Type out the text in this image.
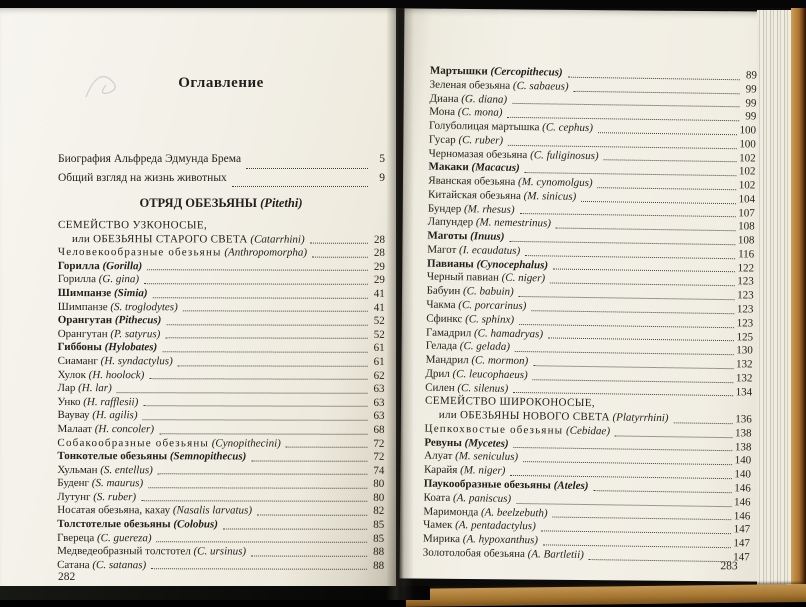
Оглавление
Биография Альфреда Эдмунда Брема	5
Общий взгляд на жизнь животных	9
ОТРЯД ОБЕЗЬЯНЫ (Pitethi)
СЕМЕЙСТВО УЗКОНОСЫЕ,
или ОБЕЗЬЯНЫ СТАРОГО СВЕТА (Catarrhini)	28
Человекообразные обезьяны (Anthropomorpha)	28
Горилла (Gorilla)	29
Горилла (G. gina)	29
Шимпанзе (Simia)	41
Шимпанзе (S. troglodytes)	41
Орангутан (Pithecus)	52
Орангутан (P. satyrus)	52
Гиббоны (Hylobates)	61
Сиаманг (H. syndactylus)	61
Хулок (H. hoolock)	62
Лар (H. lar)	63
Унко (H. rafflesii)	63
Ваувау (H. agilis)	63
Малаат (H. concoler)	68
Собакообразные обезьяны (Cynopithecini)	72
Тонкотелые обезьяны (Semnopithecus)	72
Хульман (S. entellus)	74
Буденг (S. maurus)	80
Лутунг (S. ruber)	80
Носатая обезьяна, кахау (Nasalis larvatus)	82
Толстотелые обезьяны (Colobus)	85
Гвереца (C. guereza)	85
Медведеобразный толстотел (C. ursinus)	88
Сатана (C. satanas)	88
282
Мартышки (Cercopithecus)	89
Зеленая обезьяна (C. sabaeus)	99
Диана (G. diana)	99
Мона (C. mona)	99
Голуболицая мартышка (C. cephus)	100
Гусар (C. ruber)	100
Черномазая обезьяна (C. fuliginosus)	102
Макаки (Macacus)	102
Яванская обезьяна (M. cynomolgus)	102
Китайская обезьяна (M. sinicus)	104
Бундер (M. rhesus)	107
Лапундер (M. nemestrinus)	108
Маготы (Inuus)	108
Магот (I. ecaudatus)	116
Павианы (Cynocephalus)	122
Черный павиан (C. niger)	123
Бабуин (C. babuin)	123
Чакма (C. porcarinus)	123
Сфинкс (C. sphinx)	123
Гамадрил (C. hamadryas)	125
Гелада (C. gelada)	130
Мандрил (C. mormon)	132
Дрил (C. leucophaeus)	132
Силен (C. silenus)	134
СЕМЕЙСТВО ШИРОКОНОСЫЕ,
или ОБЕЗЬЯНЫ НОВОГО СВЕТА (Platyrrhini)	136
Цепкохвостые обезьяны (Cebidae)	138
Ревуны (Mycetes)	138
Алуат (M. seniculus)	140
Карайя (M. niger)	140
Паукообразные обезьяны (Ateles)	146
Коата (A. paniscus)	146
Маримонда (A. beelzebuth)	146
Чамек (A. pentadactylus)	147
Мирика (A. hypoxanthus)	147
Золотолобая обезьяна (A. Bartletii)	147
283
